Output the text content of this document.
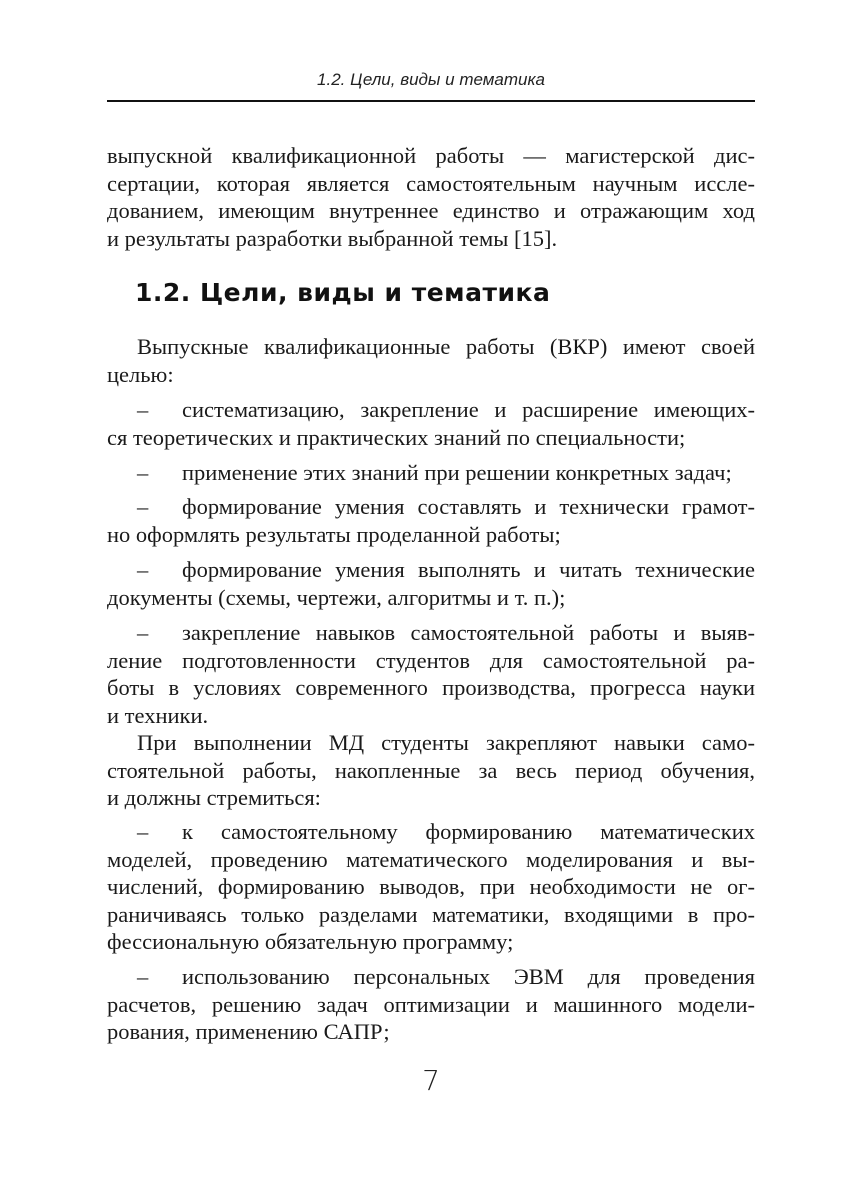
1.2. Цели, виды и тематика
выпускной квалификационной работы — магистерской дис-
сертации, которая является самостоятельным научным иссле-
дованием, имеющим внутреннее единство и отражающим ход
и результаты разработки выбранной темы [15].
1.2. Цели, виды и тематика
Выпускные квалификационные работы (ВКР) имеют своей
целью:
– систематизацию, закрепление и расширение имеющих-
ся теоретических и практических знаний по специальности;
– применение этих знаний при решении конкретных задач;
– формирование умения составлять и технически грамот-
но оформлять результаты проделанной работы;
– формирование умения выполнять и читать технические
документы (схемы, чертежи, алгоритмы и т. п.);
– закрепление навыков самостоятельной работы и выяв-
ление подготовленности студентов для самостоятельной ра-
боты в условиях современного производства, прогресса науки
и техники.
При выполнении МД студенты закрепляют навыки само-
стоятельной работы, накопленные за весь период обучения,
и должны стремиться:
– к самостоятельному формированию математических
моделей, проведению математического моделирования и вы-
числений, формированию выводов, при необходимости не ог-
раничиваясь только разделами математики, входящими в про-
фессиональную обязательную программу;
– использованию персональных ЭВМ для проведения
расчетов, решению задач оптимизации и машинного модели-
рования, применению САПР;
7
